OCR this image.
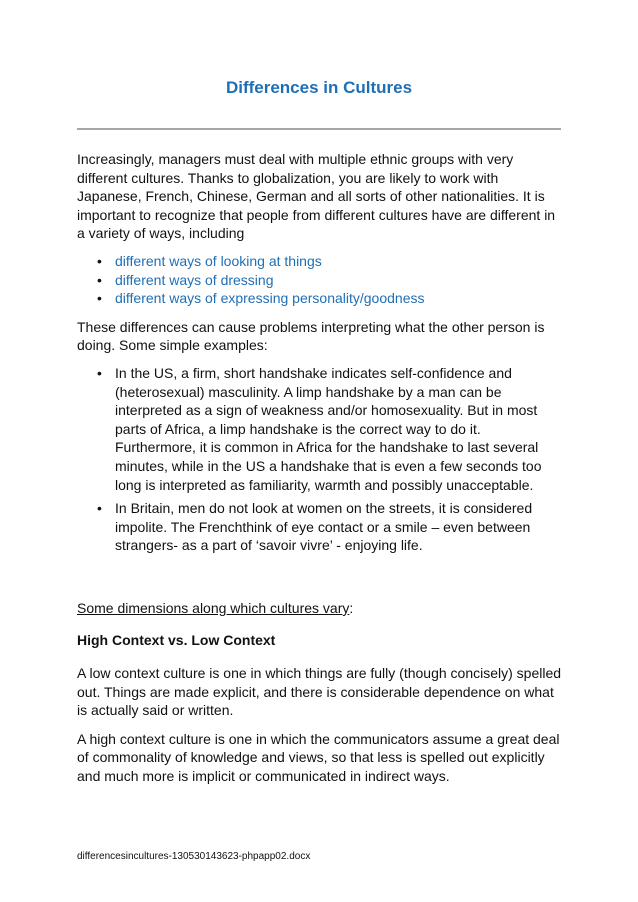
Differences in Cultures

Increasingly, managers must deal with multiple ethnic groups with very different cultures. Thanks to globalization, you are likely to work with Japanese, French, Chinese, German and all sorts of other nationalities. It is important to recognize that people from different cultures have are different in a variety of ways, including

• different ways of looking at things
• different ways of dressing
• different ways of expressing personality/goodness

These differences can cause problems interpreting what the other person is doing. Some simple examples:

• In the US, a firm, short handshake indicates self-confidence and (heterosexual) masculinity. A limp handshake by a man can be interpreted as a sign of weakness and/or homosexuality. But in most parts of Africa, a limp handshake is the correct way to do it. Furthermore, it is common in Africa for the handshake to last several minutes, while in the US a handshake that is even a few seconds too long is interpreted as familiarity, warmth and possibly unacceptable.
• In Britain, men do not look at women on the streets, it is considered impolite. The Frenchthink of eye contact or a smile – even between strangers- as a part of ‘savoir vivre’ - enjoying life.

Some dimensions along which cultures vary:

High Context vs. Low Context

A low context culture is one in which things are fully (though concisely) spelled out. Things are made explicit, and there is considerable dependence on what is actually said or written.

A high context culture is one in which the communicators assume a great deal of commonality of knowledge and views, so that less is spelled out explicitly and much more is implicit or communicated in indirect ways.

differencesincultures-130530143623-phpapp02.docx
